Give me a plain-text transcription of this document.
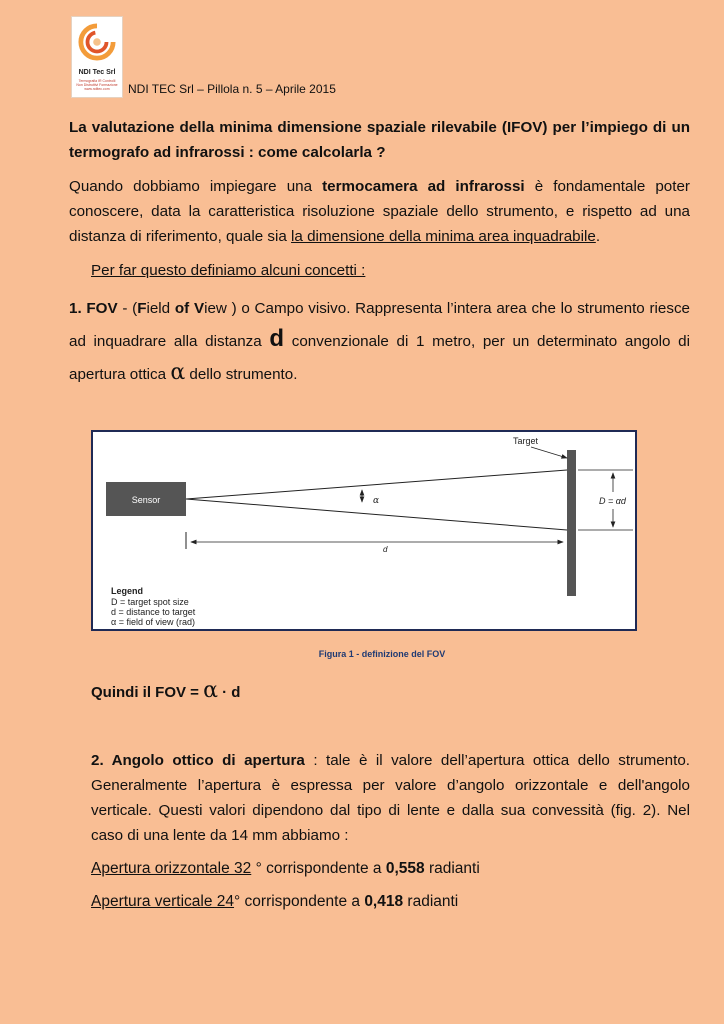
NDI Tec Srl
Termografia IR Controlli Non Distruttivi Formazione www.nditec.com	NDI TEC Srl – Pillola n. 5 – Aprile 2015
La valutazione della minima dimensione spaziale rilevabile (IFOV) per l’impiego di un termografo ad infrarossi : come calcolarla ?
Quando dobbiamo impiegare una termocamera ad infrarossi è fondamentale poter conoscere, data la caratteristica risoluzione spaziale dello strumento, e rispetto ad una distanza di riferimento, quale sia la dimensione della minima area inquadrabile.
Per far questo definiamo alcuni concetti :
1. FOV - (Field of View ) o Campo visivo. Rappresenta l’intera area che lo strumento riesce ad inquadrare alla distanza d convenzionale di 1 metro, per un determinato angolo di apertura ottica α dello strumento.
Sensor
Target
α
d
D = αd
Legend
D = target spot size
d = distance to target
α = field of view (rad)
Figura 1 - definizione del FOV
Quindi il FOV = α · d
2. Angolo ottico di apertura : tale è il valore dell’apertura ottica dello strumento. Generalmente l’apertura è espressa per valore d’angolo orizzontale e dell'angolo verticale. Questi valori dipendono dal tipo di lente e dalla sua convessità (fig. 2). Nel caso di una lente da 14 mm abbiamo :
Apertura orizzontale 32 ° corrispondente a 0,558 radianti
Apertura verticale 24° corrispondente a 0,418 radianti
